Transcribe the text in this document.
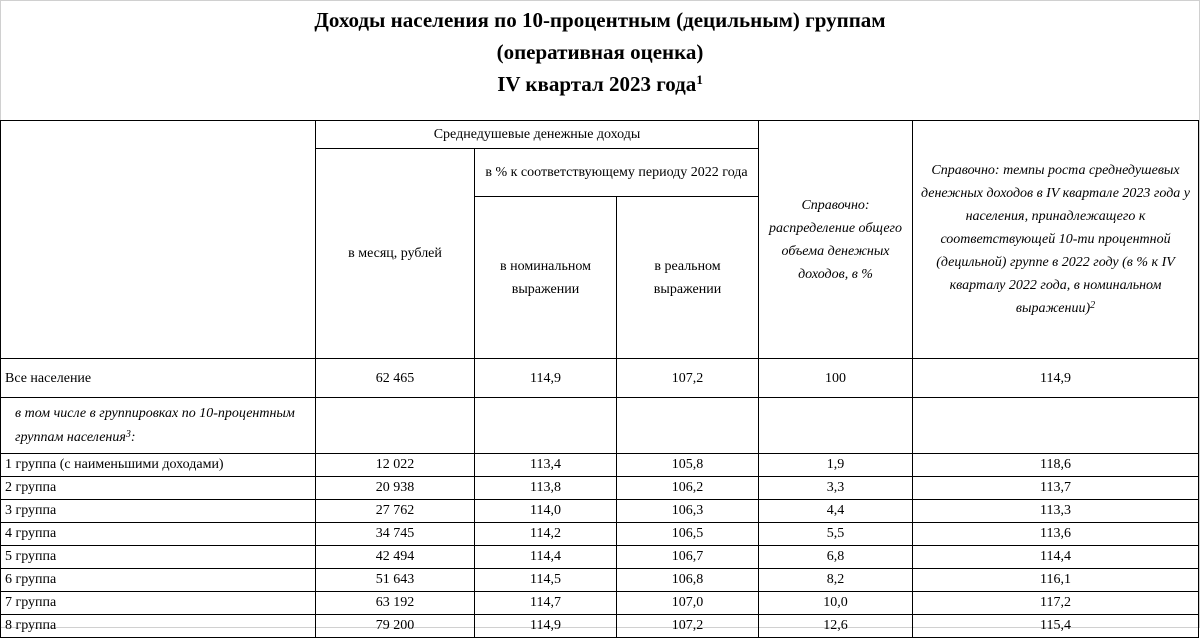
Доходы населения по 10-процентным (децильным) группам
(оперативная оценка)
IV квартал 2023 года$^1$
	Среднедушевые денежные доходы			Справочно: распределение общего объема денежных доходов, в %	Справочно: темпы роста среднедушевых денежных доходов в IV квартале 2023 года у населения, принадлежащего к соответствующей 10-ти процентной (децильной) группе в 2022 году (в % к IV кварталу 2022 года, в номинальном выражении)$^2$
	в месяц, рублей	в % к соответствующему периоду 2022 года			
		в номинальном выражении	в реальном выражении		
Все население	62 465	114,9	107,2	100	114,9
в том числе в группировках по 10-процентным группам населения$^3$:					
1 группа (с наименьшими доходами)	12 022	113,4	105,8	1,9	118,6
2 группа	20 938	113,8	106,2	3,3	113,7
3 группа	27 762	114,0	106,3	4,4	113,3
4 группа	34 745	114,2	106,5	5,5	113,6
5 группа	42 494	114,4	106,7	6,8	114,4
6 группа	51 643	114,5	106,8	8,2	116,1
7 группа	63 192	114,7	107,0	10,0	117,2
8 группа	79 200	114,9	107,2	12,6	115,4
